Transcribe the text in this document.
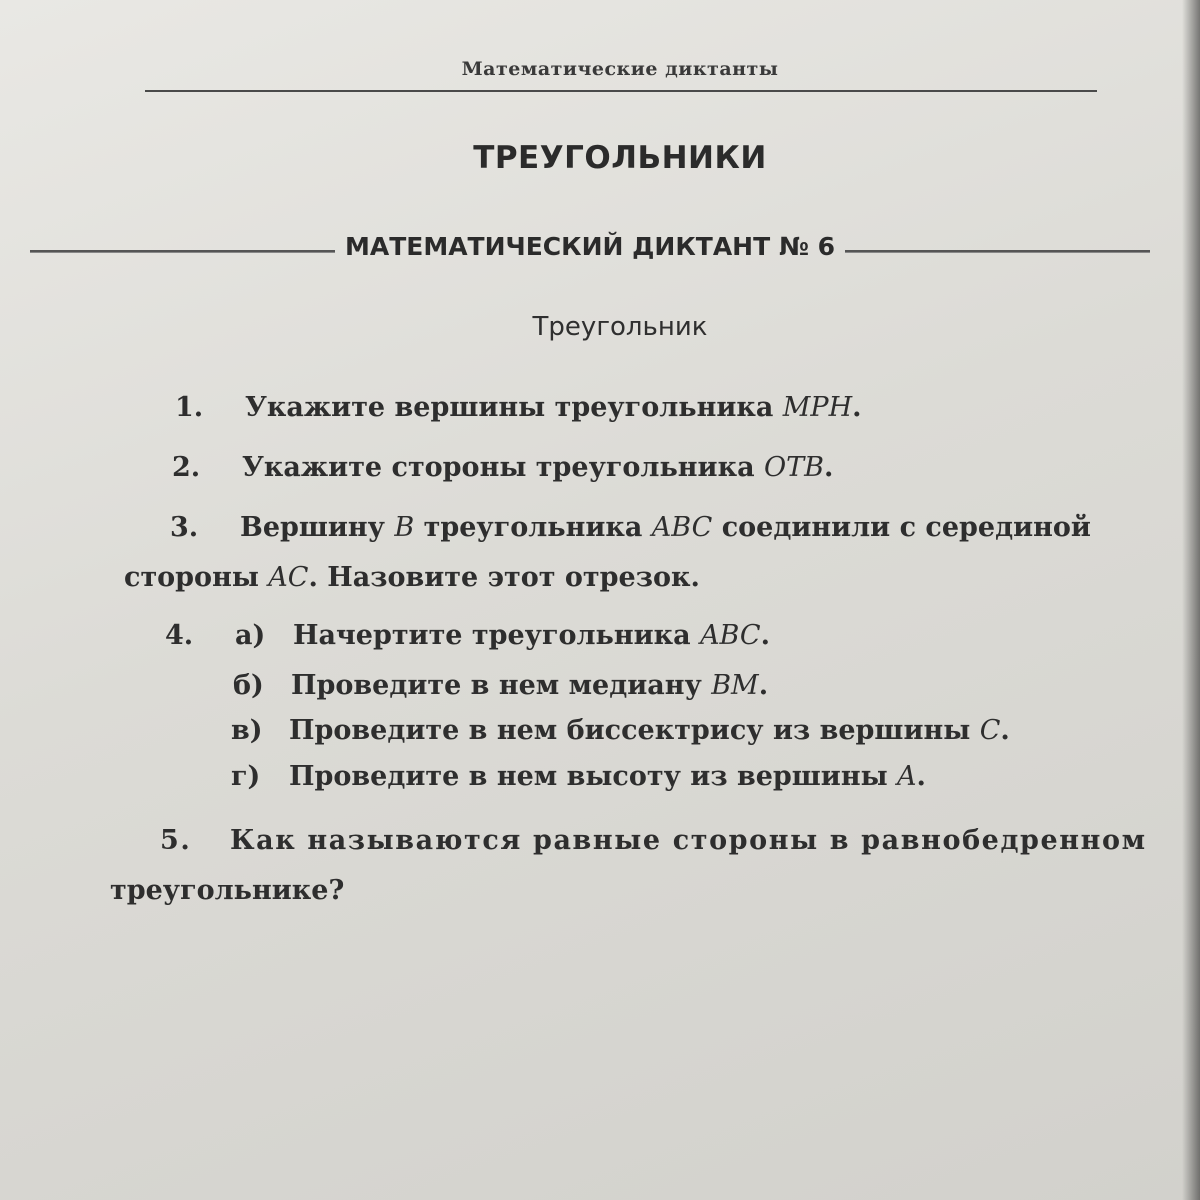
Математические диктанты
ТРЕУГОЛЬНИКИ
МАТЕМАТИЧЕСКИЙ ДИКТАНТ № 6
Треугольник
1. Укажите вершины треугольника MPH.
2. Укажите стороны треугольника OTB.
3. Вершину B треугольника ABC соединили с серединой
стороны AC. Назовите этот отрезок.
4. а) Начертите треугольника ABC.
б) Проведите в нем медиану BM.
в) Проведите в нем биссектрису из вершины C.
г) Проведите в нем высоту из вершины A.
5. Как называются равные стороны в равнобедренном
треугольнике?
